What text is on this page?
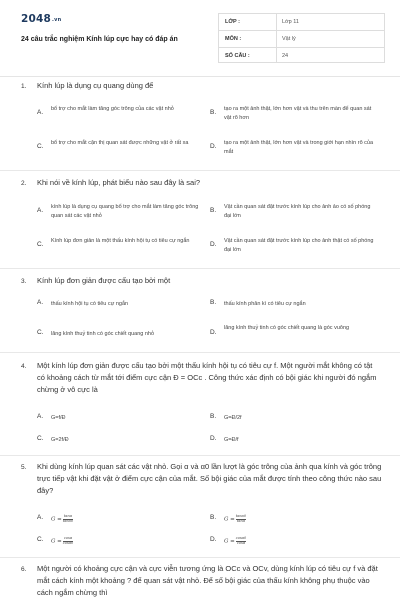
2048.vn
24 câu trắc nghiệm Kính lúp cực hay có đáp án
LỚP :	Lớp 11
MÔN :	Vật lý
SỐ CÂU :	24
1. Kính lúp là dụng cụ quang dùng để
A. bổ trợ cho mắt làm tăng góc trông của các vật nhỏ	B. tạo ra một ảnh thật, lớn hơn vật và thu trên màn để quan sát vật rõ hơn
C. bổ trợ cho mắt cận thị quan sát được những vật ở rất xa	D. tạo ra một ảnh thật, lớn hơn vật và trong giới hạn nhìn rõ của mắt
2. Khi nói về kính lúp, phát biểu nào sau đây là sai?
A. kính lúp là dụng cụ quang bổ trợ cho mắt làm tăng góc trông quan sát các vật nhỏ
B. Vật cần quan sát đặt trước kính lúp cho ảnh ảo có số phóng đại lớn
C. Kính lúp đơn giản là một thấu kính hội tụ có tiêu cự ngắn	D. Vật cần quan sát đặt trước kính lúp cho ảnh thật có số phóng đại lớn
3. Kính lúp đơn giản được cấu tạo bởi một
A. thấu kính hội tụ có tiêu cự ngắn	B. thấu kính phân kì có tiêu cự ngắn
C. lăng kính thuỷ tinh có góc chiết quang nhỏ	D.
lăng kính thuỷ tinh có góc chiết quang là góc vuông
4. Một kính lúp đơn giản được cấu tạo bởi một thấu kính hội tụ có tiêu cự f. Một người mắt không có tật có khoảng cách từ mắt tới điểm cực cận Đ = OCc . Công thức xác định có bội giác khi người đó ngắm chừng ở vô cực là
A. G=f/Đ	B. G=Đ/2f
C. G=2f/Đ	D. G=Đ/f
5. Khi dùng kính lúp quan sát các vật nhỏ. Gọi α và α0 lần lượt là góc trông của ảnh qua kính và góc trông trực tiếp vật khi đặt vật ở điểm cực cận của mắt. Số bội giác của mắt được tính theo công thức nào sau đây?
A. $G = \frac{\tan\alpha}{\tan\alpha 0}$	B. $G = \frac{\tan\alpha 0}{\tan\alpha}$
C. $G = \frac{\cos\alpha}{\cos\alpha 0}$	D. $G = \frac{\cos\alpha 0}{\cos\alpha}$
6. Một người có khoảng cực cận và cực viễn tương ứng là OCc và OCv, dùng kính lúp có tiêu cự f và đặt mắt cách kính một khoảng ? để quan sát vật nhỏ. Để số bội giác của thấu kính không phụ thuộc vào cách ngắm chừng thì
